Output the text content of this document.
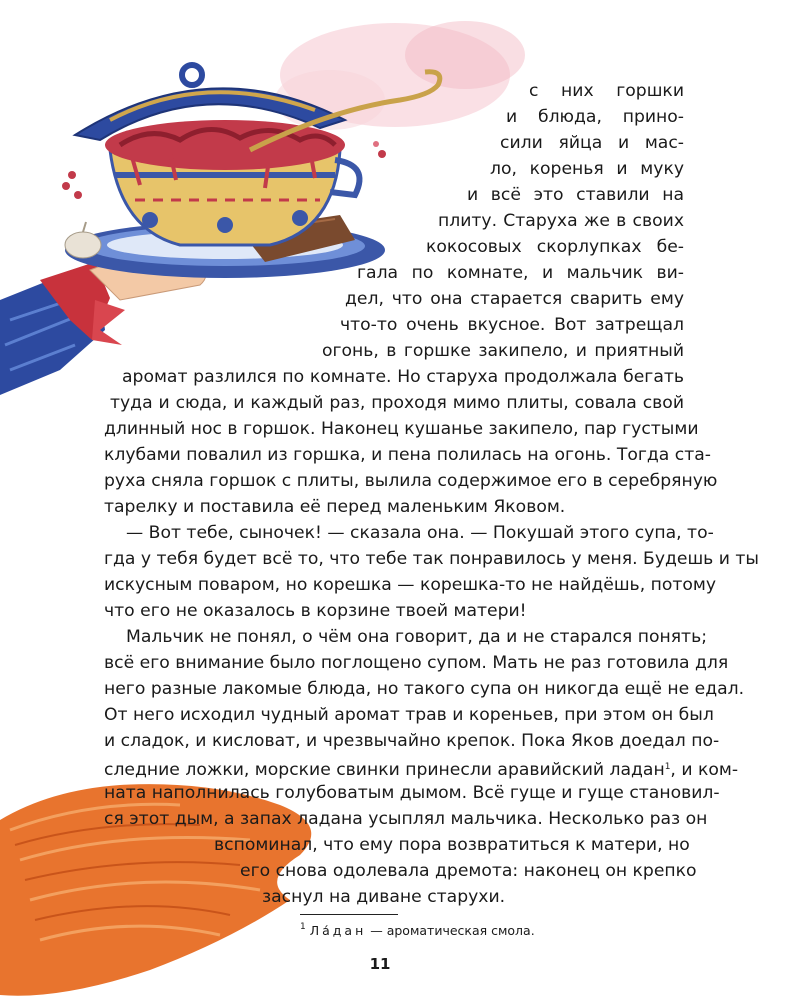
с них горшки
и блюда, прино-
сили яйца и мас-
ло, коренья и муку
и всё это ставили на
плиту. Старуха же в своих
кокосовых скорлупках бе-
гала по комнате, и мальчик ви-
дел, что она старается сварить ему
что-то очень вкусное. Вот затрещал
огонь, в горшке закипело, и приятный
аромат разлился по комнате. Но старуха продолжала бегать
туда и сюда, и каждый раз, проходя мимо плиты, совала свой
длинный нос в горшок. Наконец кушанье закипело, пар густыми
клубами повалил из горшка, и пена полилась на огонь. Тогда ста-
руха сняла горшок с плиты, вылила содержимое его в серебряную
тарелку и поставила её перед маленьким Яковом.
— Вот тебе, сыночек! — сказала она. — Покушай этого супа, то-
гда у тебя будет всё то, что тебе так понравилось у меня. Будешь и ты
искусным поваром, но корешка — корешка-то не найдёшь, потому
что его не оказалось в корзине твоей матери!
Мальчик не понял, о чём она говорит, да и не старался понять;
всё его внимание было поглощено супом. Мать не раз готовила для
него разные лакомые блюда, но такого супа он никогда ещё не едал.
От него исходил чудный аромат трав и кореньев, при этом он был
и сладок, и кисловат, и чрезвычайно крепок. Пока Яков доедал по-
следние ложки, морские свинки принесли аравийский ладан$^1$, и ком-
ната наполнилась голубоватым дымом. Всё гуще и гуще становил-
ся этот дым, а запах ладана усыплял мальчика. Несколько раз он
вспоминал, что ему пора возвратиться к матери, но
его снова одолевала дремота: наконец он крепко
заснул на диване старухи.
$^1$ Ла́дан — ароматическая смола.
11
